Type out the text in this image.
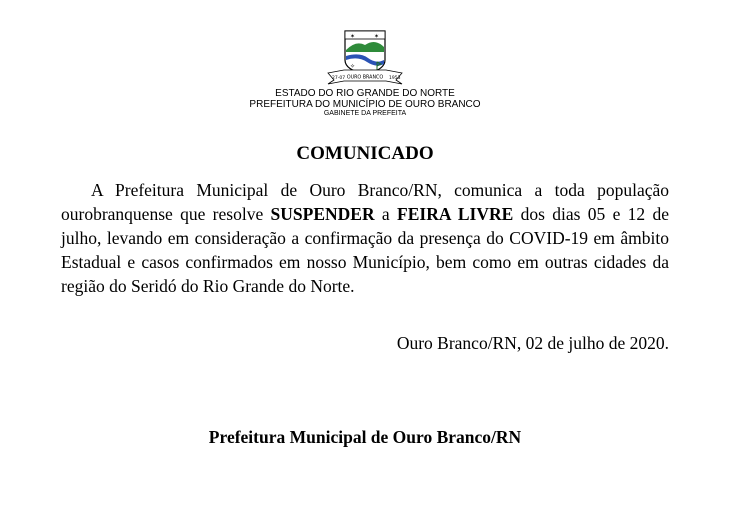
✶	✶
✧
27-07 OURO BRANCO 1953
ESTADO DO RIO GRANDE DO NORTE
PREFEITURA DO MUNICÍPIO DE OURO BRANCO
GABINETE DA PREFEITA
COMUNICADO

A Prefeitura Municipal de Ouro Branco/RN, comunica a toda população ourobranquense que resolve SUSPENDER a FEIRA LIVRE dos dias 05 e 12 de julho, levando em consideração a confirmação da presença do COVID-19 em âmbito Estadual e casos confirmados em nosso Município, bem como em outras cidades da região do Seridó do Rio Grande do Norte.

Ouro Branco/RN, 02 de julho de 2020.
Prefeitura Municipal de Ouro Branco/RN
